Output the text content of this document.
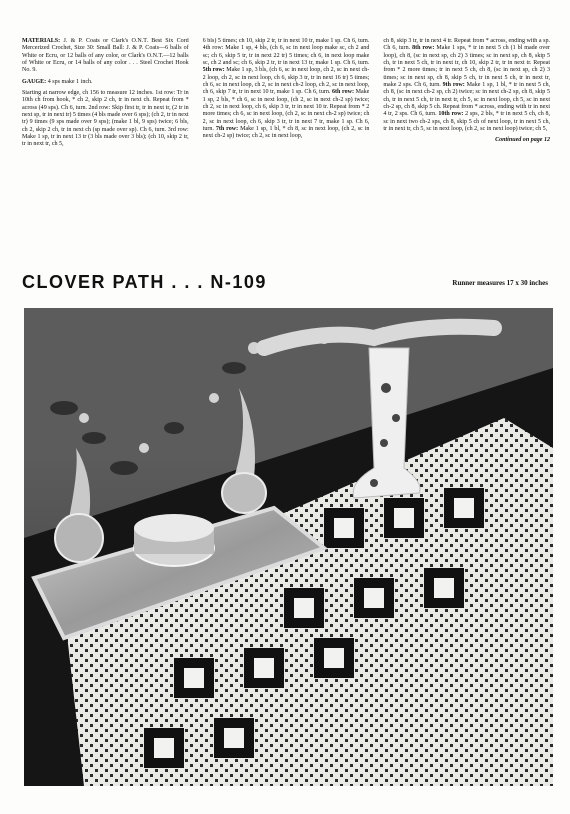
MATERIALS: J. & P. Coats or Clark's O.N.T. Best Six Cord Mercerized Crochet, Size 30: Small Ball: J. & P. Coats—6 balls of White or Ecru, or 12 balls of any color, or Clark's O.N.T.—12 balls of White or Ecru, or 14 balls of any color . . . Steel Crochet Hook No. 9.

GAUGE: 4 sps make 1 inch.

Starting at narrow edge, ch 156 to measure 12 inches. 1st row: Tr in 10th ch from hook, * ch 2, skip 2 ch, tr in next ch. Repeat from * across (49 sps). Ch 6, turn. 2nd row: Skip first tr, tr in next tr, (2 tr in next sp, tr in next tr) 5 times (4 bls made over 6 sps); (ch 2, tr in next tr) 9 times (9 sps made over 9 sps); (make 1 bl, 9 sps) twice; 6 bls, ch 2, skip 2 ch, tr in next ch (sp made over sp). Ch 6, turn. 3rd row: Make 1 sp, tr in next 13 tr (3 bls made over 3 bls); (ch 10, skip 2 tr, tr in next tr, ch 5,

6 bls) 5 times; ch 10, skip 2 tr, tr in next 10 tr, make 1 sp. Ch 6, turn. 4th row: Make 1 sp, 4 bls, (ch 6, sc in next loop make sc, ch 2 and sc; ch 6, skip 5 tr, tr in next 22 tr) 5 times; ch 6, in next loop make sc, ch 2 and sc; ch 6, skip 2 tr, tr in next 13 tr, make 1 sp. Ch 6, turn. 5th row: Make 1 sp, 3 bls, (ch 6, sc in next loop, ch 2, sc in next ch-2 loop, ch 2, sc in next loop, ch 6, skip 3 tr, tr in next 16 tr) 5 times; ch 6, sc in next loop, ch 2, sc in next ch-2 loop, ch 2, sc in next loop, ch 6, skip 7 tr, tr in next 10 tr, make 1 sp. Ch 6, turn. 6th row: Make 1 sp, 2 bls, * ch 6, sc in next loop, (ch 2, sc in next ch-2 sp) twice; ch 2, sc in next loop, ch 6, skip 3 tr, tr in next 10 tr. Repeat from * 2 more times; ch 6, sc in next loop, (ch 2, sc in next ch-2 sp) twice; ch 2, sc in next loop, ch 6, skip 3 tr, tr in next 7 tr, make 1 sp. Ch 6, turn. 7th row: Make 1 sp, 1 bl, * ch 8, sc in next loop, (ch 2, sc in next ch-2 sp) twice; ch 2, sc in next loop,

ch 8, skip 3 tr, tr in next 4 tr. Repeat from * across, ending with a sp. Ch 6, turn. 8th row: Make 1 sps, * tr in next 5 ch (1 bl made over loop), ch 8, (sc in next sp, ch 2) 3 times; sc in next sp, ch 8, skip 5 ch, tr in next 5 ch, tr in next tr, ch 10, skip 2 tr, tr in next tr. Repeat from * 2 more times; tr in next 5 ch, ch 8, (sc in next sp, ch 2) 3 times; sc in next sp, ch 8, skip 5 ch, tr in next 5 ch, tr in next tr, make 2 sps. Ch 6, turn. 9th row: Make 1 sp, 1 bl, * tr in next 5 ch, ch 8, (sc in next ch-2 sp, ch 2) twice; sc in next ch-2 sp, ch 8, skip 5 ch, tr in next 5 ch, tr in next tr, ch 5, sc in next loop, ch 5, sc in next ch-2 sp, ch 8, skip 5 ch. Repeat from * across, ending with tr in next 4 tr, 2 sps. Ch 6, turn. 10th row: 2 sps, 2 bls, * tr in next 5 ch, ch 8, sc in next two ch-2 sps, ch 8, skip 5 ch of next loop, tr in next 5 ch, tr in next tr, ch 5, sc in next loop, (ch 2, sc in next loop) twice; ch 5,

Continued on page 12

CLOVER PATH . . . N-109	Runner measures 17 x 30 inches
